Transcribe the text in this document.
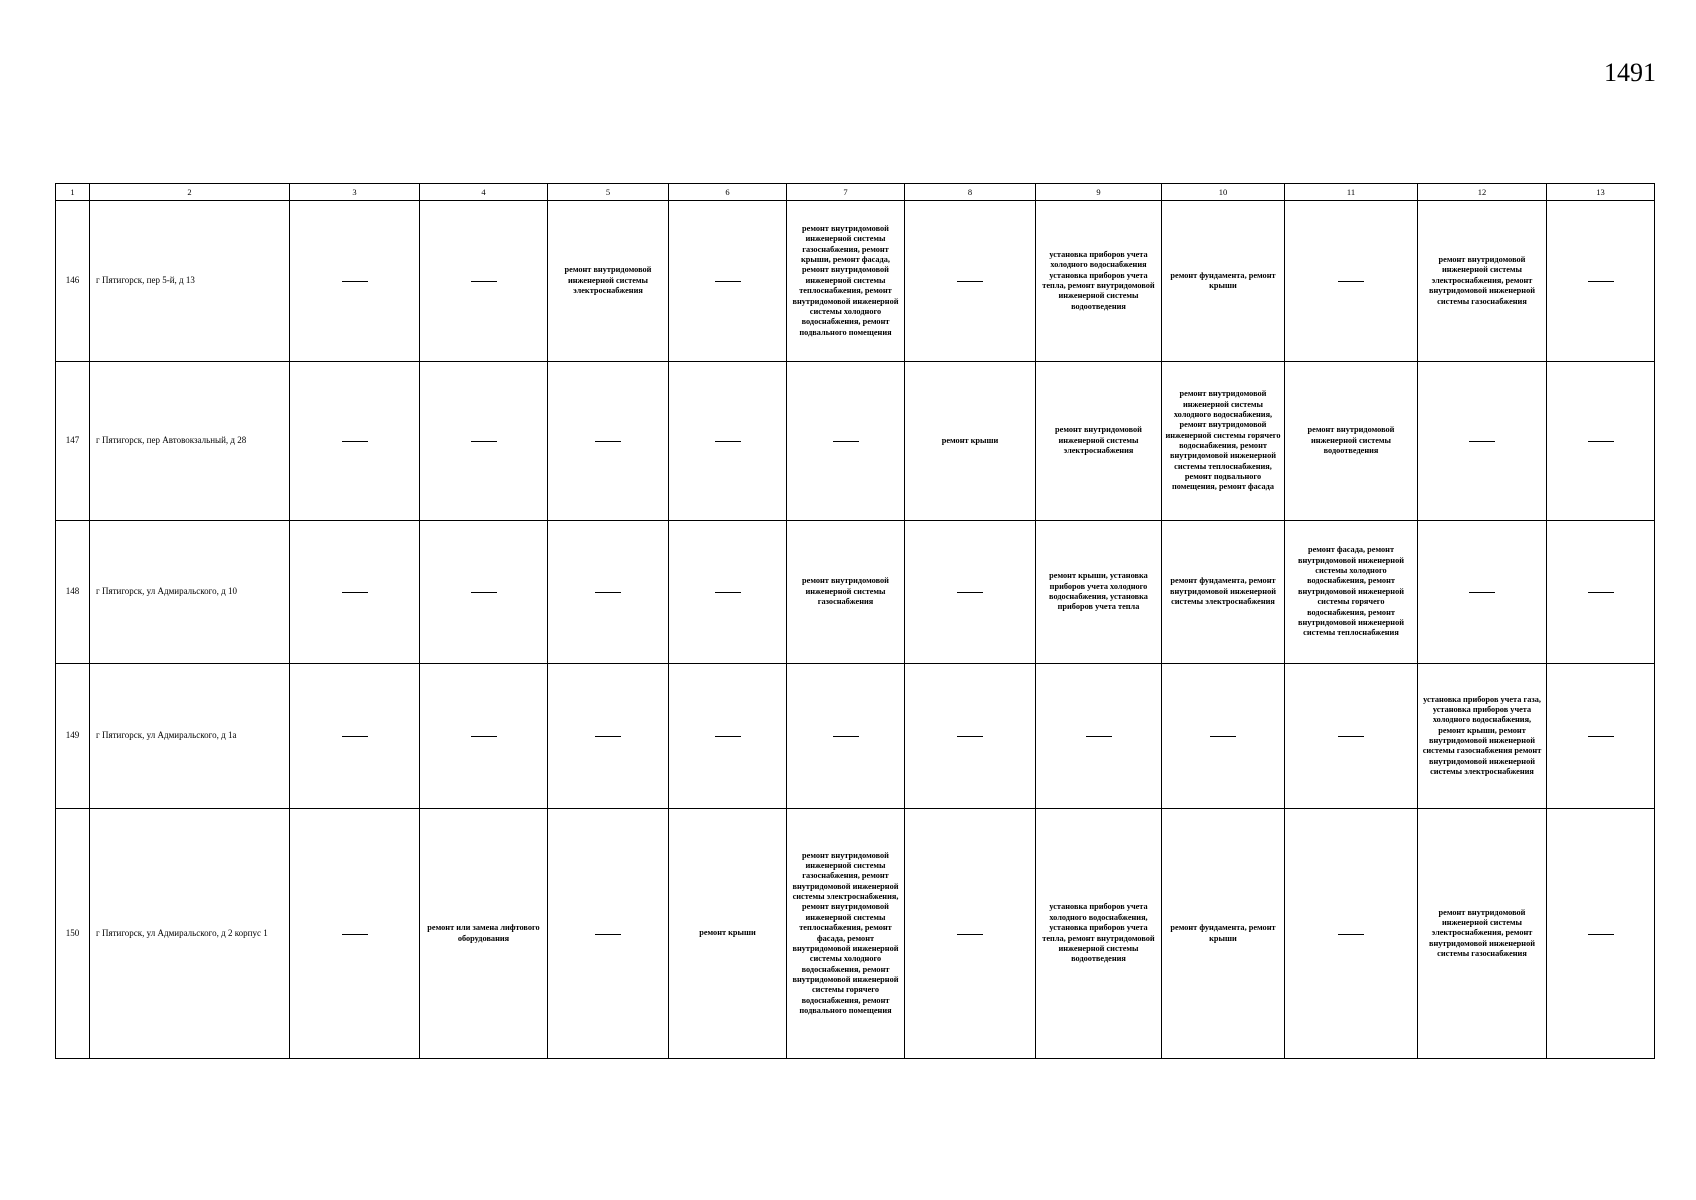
1491
1	2	3	4	5	6	7	8	9	10	11	12	13
146	г Пятигорск, пер 5-й, д 13			ремонт внутридомовой инженерной системы электроснабжения		ремонт внутридомовой инженерной системы газоснабжения, ремонт крыши, ремонт фасада, ремонт внутридомовой инженерной системы теплоснабжения, ремонт внутридомовой инженерной системы холодного водоснабжения, ремонт подвального помещения		установка приборов учета холодного водоснабжения установка приборов учета тепла, ремонт внутридомовой инженерной системы водоотведения	ремонт фундамента, ремонт крыши		ремонт внутридомовой инженерной системы электроснабжения, ремонт внутридомовой инженерной системы газоснабжения	
147	г Пятигорск, пер Автовокзальный, д 28						ремонт крыши	ремонт внутридомовой инженерной системы электроснабжения	ремонт внутридомовой инженерной системы холодного водоснабжения, ремонт внутридомовой инженерной системы горячего водоснабжения, ремонт внутридомовой инженерной системы теплоснабжения, ремонт подвального помещения, ремонт фасада	ремонт внутридомовой инженерной системы водоотведения		
148	г Пятигорск, ул Адмиральского, д 10					ремонт внутридомовой инженерной системы газоснабжения		ремонт крыши, установка приборов учета холодного водоснабжения, установка приборов учета тепла	ремонт фундамента, ремонт внутридомовой инженерной системы электроснабжения	ремонт фасада, ремонт внутридомовой инженерной системы холодного водоснабжения, ремонт внутридомовой инженерной системы горячего водоснабжения, ремонт внутридомовой инженерной системы теплоснабжения		
149	г Пятигорск, ул Адмиральского, д 1а										установка приборов учета газа, установка приборов учета холодного водоснабжения, ремонт крыши, ремонт внутридомовой инженерной системы газоснабжения ремонт внутридомовой инженерной системы электроснабжения	
150	г Пятигорск, ул Адмиральского, д 2 корпус 1		ремонт или замена лифтового оборудования		ремонт крыши	ремонт внутридомовой инженерной системы газоснабжения, ремонт внутридомовой инженерной системы электроснабжения, ремонт внутридомовой инженерной системы теплоснабжения, ремонт фасада, ремонт внутридомовой инженерной системы холодного водоснабжения, ремонт внутридомовой инженерной системы горячего водоснабжения, ремонт подвального помещения		установка приборов учета холодного водоснабжения, установка приборов учета тепла, ремонт внутридомовой инженерной системы водоотведения	ремонт фундамента, ремонт крыши		ремонт внутридомовой инженерной системы электроснабжения, ремонт внутридомовой инженерной системы газоснабжения	
